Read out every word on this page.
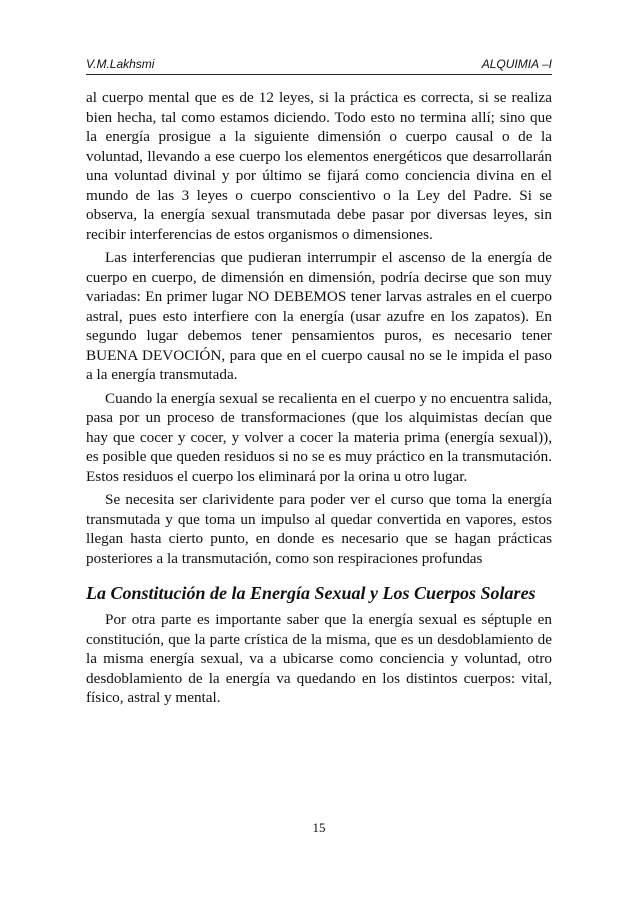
V.M.Lakhsmi	ALQUIMIA –I

al cuerpo mental que es de 12 leyes, si la práctica es correcta, si se realiza bien hecha, tal como estamos diciendo. Todo esto no termina allí; sino que la energía prosigue a la siguiente dimensión o cuerpo causal o de la voluntad, llevando a ese cuerpo los elementos energéticos que desarrollarán una voluntad divinal y por último se fijará como conciencia divina en el mundo de las 3 leyes o cuerpo conscientivo o la Ley del Padre. Si se observa, la energía sexual transmutada debe pasar por diversas leyes, sin recibir interferencias de estos organismos o dimensiones.

Las interferencias que pudieran interrumpir el ascenso de la energía de cuerpo en cuerpo, de dimensión en dimensión, podría decirse que son muy variadas: En primer lugar NO DEBEMOS tener larvas astrales en el cuerpo astral, pues esto interfiere con la energía (usar azufre en los zapatos). En segundo lugar debemos tener pensamientos puros, es necesario tener BUENA DEVOCIÓN, para que en el cuerpo causal no se le impida el paso a la energía transmutada.

Cuando la energía sexual se recalienta en el cuerpo y no encuentra salida, pasa por un proceso de transformaciones (que los alquimistas decían que hay que cocer y cocer, y volver a cocer la materia prima (energía sexual)), es posible que queden residuos si no se es muy práctico en la transmutación. Estos residuos el cuerpo los eliminará por la orina u otro lugar.

Se necesita ser clarividente para poder ver el curso que toma la energía transmutada y que toma un impulso al quedar convertida en vapores, estos llegan hasta cierto punto, en donde es necesario que se hagan prácticas posteriores a la transmutación, como son respiraciones profundas

La Constitución de la Energía Sexual y Los Cuerpos Solares

Por otra parte es importante saber que la energía sexual es séptuple en constitución, que la parte crística de la misma, que es un desdoblamiento de la misma energía sexual, va a ubicarse como conciencia y voluntad, otro desdoblamiento de la energía va quedando en los distintos cuerpos: vital, físico, astral y mental.

15
